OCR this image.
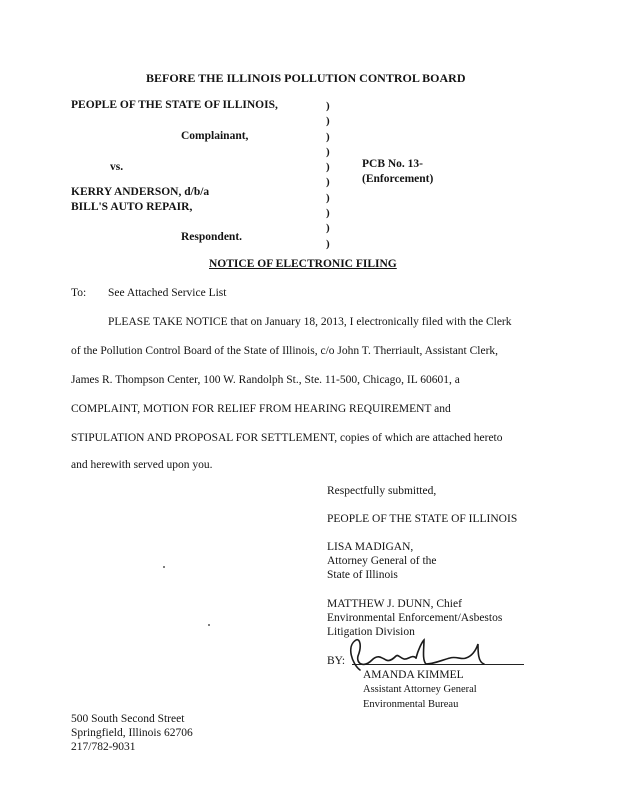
BEFORE THE ILLINOIS POLLUTION CONTROL BOARD
PEOPLE OF THE STATE OF ILLINOIS,
Complainant,
vs.
KERRY ANDERSON, d/b/a
BILL'S AUTO REPAIR,
Respondent.
)
)
)
)
)
)
)
)
)
)
PCB No. 13-
(Enforcement)
NOTICE OF ELECTRONIC FILING
To: See Attached Service List
PLEASE TAKE NOTICE that on January 18, 2013, I electronically filed with the Clerk
of the Pollution Control Board of the State of Illinois, c/o John T. Therriault, Assistant Clerk,
James R. Thompson Center, 100 W. Randolph St., Ste. 11-500, Chicago, IL 60601, a
COMPLAINT, MOTION FOR RELIEF FROM HEARING REQUIREMENT and
STIPULATION AND PROPOSAL FOR SETTLEMENT, copies of which are attached hereto
and herewith served upon you.
Respectfully submitted,
PEOPLE OF THE STATE OF ILLINOIS
LISA MADIGAN,
Attorney General of the
State of Illinois
MATTHEW J. DUNN, Chief
Environmental Enforcement/Asbestos
Litigation Division
BY:
AMANDA KIMMEL
Assistant Attorney General
Environmental Bureau
500 South Second Street
Springfield, Illinois 62706
217/782-9031
